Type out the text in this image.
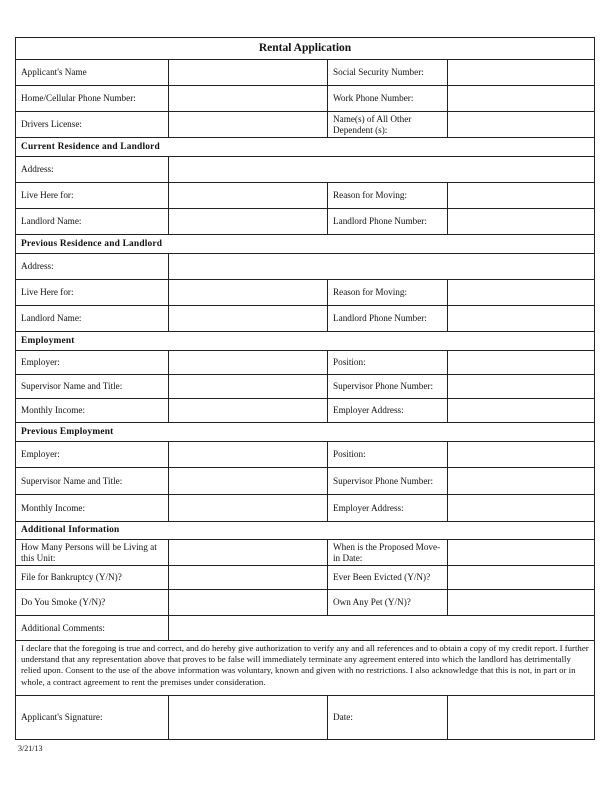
Rental Application			
Applicant's Name		Social Security Number:	
Home/Cellular Phone Number:		Work Phone Number:	
Drivers License:		Name(s) of All Other Dependent (s):	
Current Residence and Landlord			
Address:			
Live Here for:		Reason for Moving:	
Landlord Name:		Landlord Phone Number:	
Previous Residence and Landlord			
Address:			
Live Here for:		Reason for Moving:	
Landlord Name:		Landlord Phone Number:	
Employment			
Employer:		Position:	
Supervisor Name and Title:		Supervisor Phone Number:	
Monthly Income:		Employer Address:	
Previous Employment			
Employer:		Position:	
Supervisor Name and Title:		Supervisor Phone Number:	
Monthly Income:		Employer Address:	
Additional Information			
How Many Persons will be Living at this Unit:		When is the Proposed Move-in Date:	
File for Bankruptcy (Y/N)?		Ever Been Evicted (Y/N)?	
Do You Smoke (Y/N)?		Own Any Pet (Y/N)?	
Additional Comments:			
I declare that the foregoing is true and correct, and do hereby give authorization to verify any and all references and to obtain a copy of my credit report. I further understand that any representation above that proves to be false will immediately terminate any agreement entered into which the landlord has detrimentally relied upon. Consent to the use of the above information was voluntary, known and given with no restrictions. I also acknowledge that this is not, in part or in whole, a contract agreement to rent the premises under consideration.			
Applicant's Signature:		Date:	
3/21/13
